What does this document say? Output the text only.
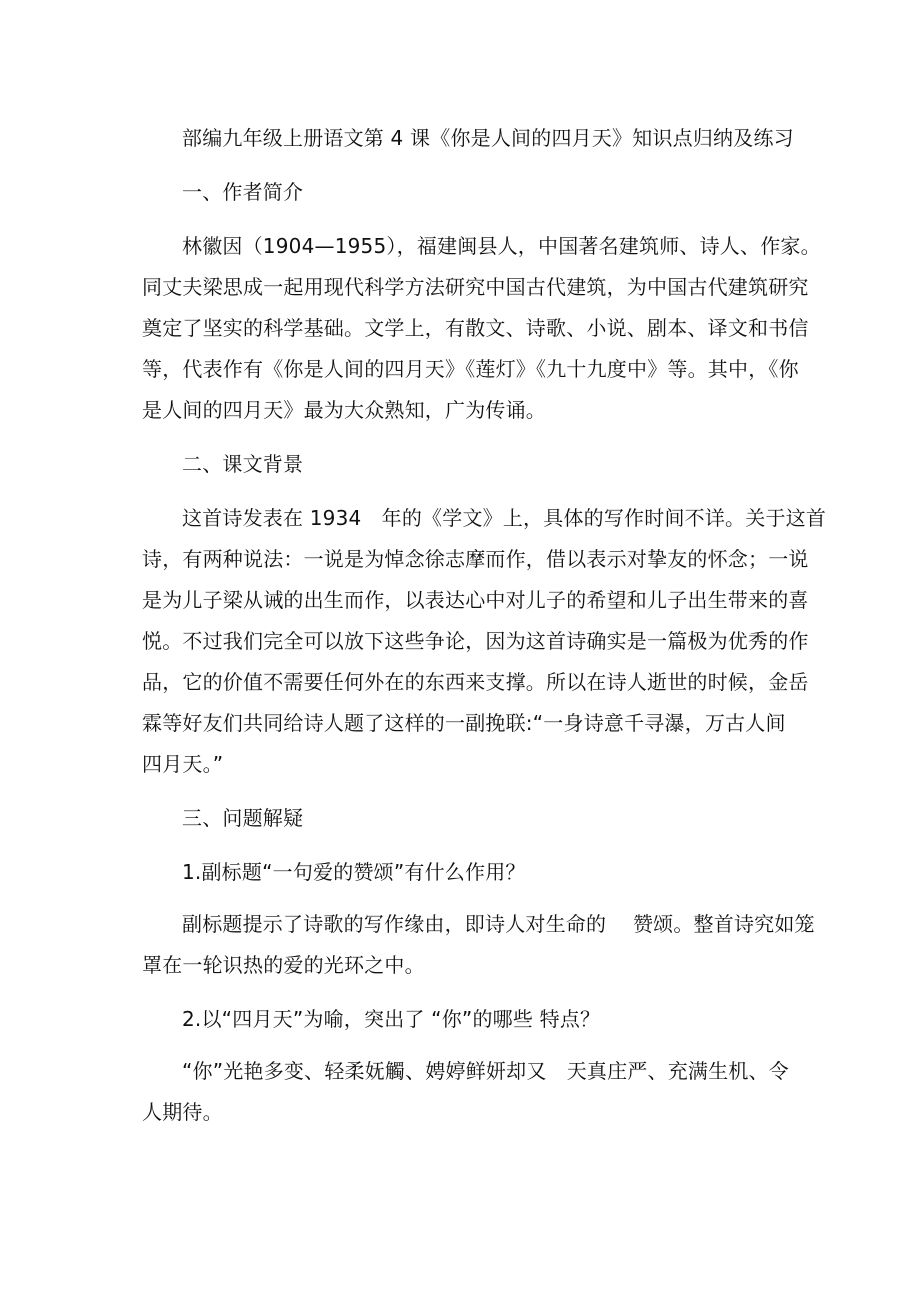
部编九年级上册语文第 4 课《你是人间的四月天》知识点归纳及练习
一、作者简介
林徽因（1904—1955），福建闽县人，中国著名建筑师、诗人、作家。
同丈夫梁思成一起用现代科学方法研究中国古代建筑，为中国古代建筑研究
奠定了坚实的科学基础。文学上，有散文、诗歌、小说、剧本、译文和书信
等，代表作有《你是人间的四月天》《莲灯》《九十九度中》等。其中，《你
是人间的四月天》最为大众熟知，广为传诵。
二、课文背景
这首诗发表在 1934　年的《学文》上，具体的写作时间不详。关于这首
诗，有两种说法：一说是为悼念徐志摩而作，借以表示对挚友的怀念；一说
是为儿子梁从诫的出生而作，以表达心中对儿子的希望和儿子出生带来的喜
悦。不过我们完全可以放下这些争论，因为这首诗确实是一篇极为优秀的作
品，它的价值不需要任何外在的东西来支撑。所以在诗人逝世的时候，金岳
霖等好友们共同给诗人题了这样的一副挽联:“一身诗意千寻瀑，万古人间
四月天。”
三、问题解疑
1.副标题“一句爱的赞颂”有什么作用？
副标题提示了诗歌的写作缘由，即诗人对生命的　 赞颂。整首诗究如笼
罩在一轮识热的爱的光环之中。
2.以“四月天”为喻，突出了 “你”的哪些 特点？
“你”光艳多变、轻柔妩觸、娉婷鲜妍却又　天真庄严、充满生机、令
人期待。
